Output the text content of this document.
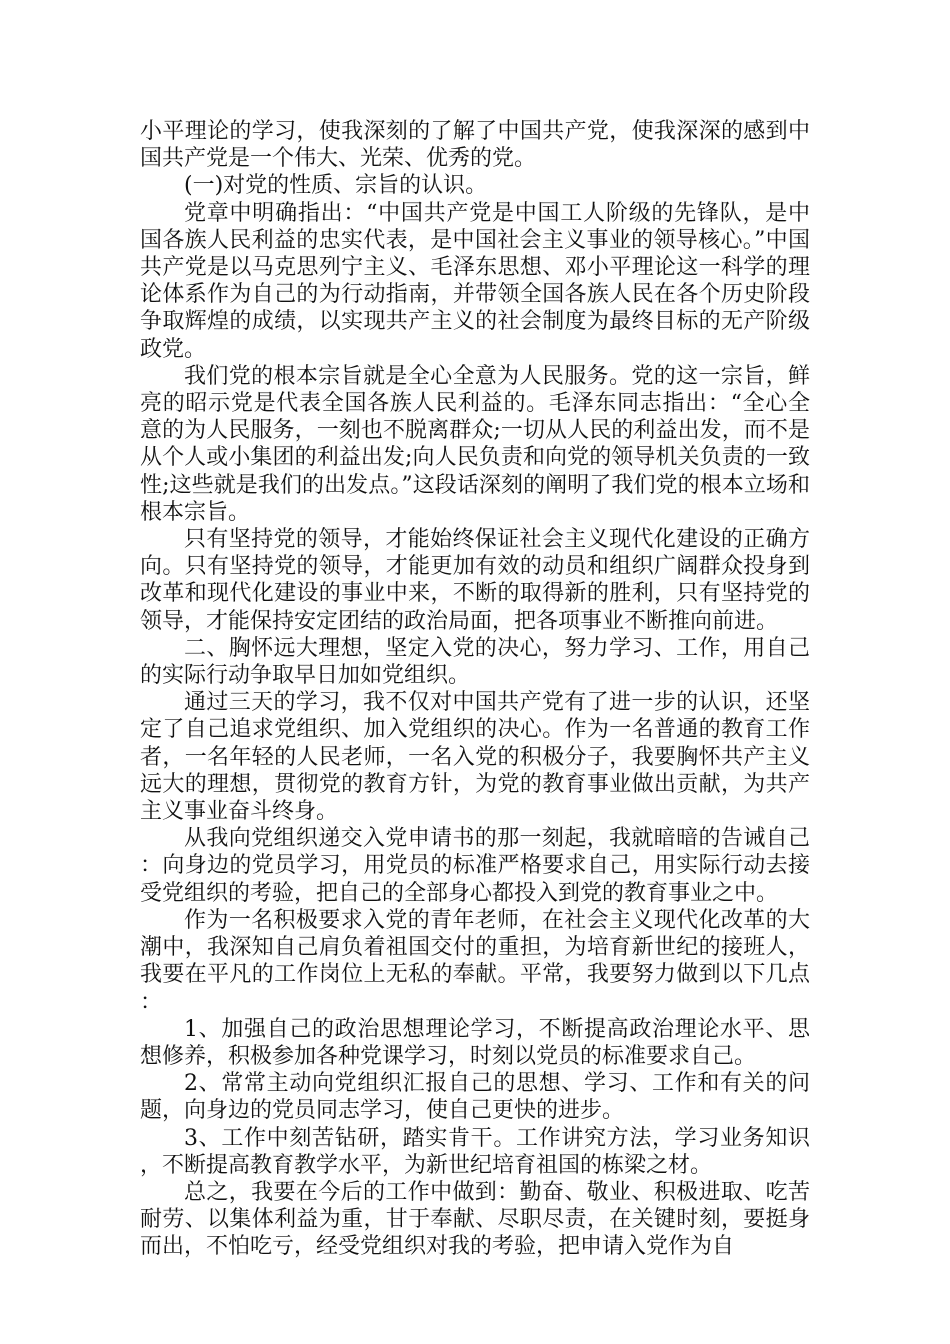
小平理论的学习，使我深刻的了解了中国共产党，使我深深的感到中国共产党是一个伟大、光荣、优秀的党。

(一)对党的性质、宗旨的认识。

党章中明确指出：“中国共产党是中国工人阶级的先锋队，是中国各族人民利益的忠实代表，是中国社会主义事业的领导核心。”中国共产党是以马克思列宁主义、毛泽东思想、邓小平理论这一科学的理论体系作为自己的为行动指南，并带领全国各族人民在各个历史阶段争取辉煌的成绩，以实现共产主义的社会制度为最终目标的无产阶级政党。

我们党的根本宗旨就是全心全意为人民服务。党的这一宗旨，鲜亮的昭示党是代表全国各族人民利益的。毛泽东同志指出：“全心全意的为人民服务，一刻也不脱离群众;一切从人民的利益出发，而不是从个人或小集团的利益出发;向人民负责和向党的领导机关负责的一致性;这些就是我们的出发点。”这段话深刻的阐明了我们党的根本立场和根本宗旨。

只有坚持党的领导，才能始终保证社会主义现代化建设的正确方向。只有坚持党的领导，才能更加有效的动员和组织广阔群众投身到改革和现代化建设的事业中来，不断的取得新的胜利，只有坚持党的领导，才能保持安定团结的政治局面，把各项事业不断推向前进。

二、胸怀远大理想，坚定入党的决心，努力学习、工作，用自己的实际行动争取早日加如党组织。

通过三天的学习，我不仅对中国共产党有了进一步的认识，还坚定了自己追求党组织、加入党组织的决心。作为一名普通的教育工作者，一名年轻的人民老师，一名入党的积极分子，我要胸怀共产主义远大的理想，贯彻党的教育方针，为党的教育事业做出贡献，为共产主义事业奋斗终身。

从我向党组织递交入党申请书的那一刻起，我就暗暗的告诫自己：向身边的党员学习，用党员的标准严格要求自己，用实际行动去接受党组织的考验，把自己的全部身心都投入到党的教育事业之中。

作为一名积极要求入党的青年老师，在社会主义现代化改革的大潮中，我深知自己肩负着祖国交付的重担，为培育新世纪的接班人，我要在平凡的工作岗位上无私的奉献。平常，我要努力做到以下几点：

1、加强自己的政治思想理论学习，不断提高政治理论水平、思想修养，积极参加各种党课学习，时刻以党员的标准要求自己。

2、常常主动向党组织汇报自己的思想、学习、工作和有关的问题，向身边的党员同志学习，使自己更快的进步。

3、工作中刻苦钻研，踏实肯干。工作讲究方法，学习业务知识，不断提高教育教学水平，为新世纪培育祖国的栋梁之材。

总之，我要在今后的工作中做到：勤奋、敬业、积极进取、吃苦耐劳、以集体利益为重，甘于奉献、尽职尽责，在关键时刻，要挺身而出，不怕吃亏，经受党组织对我的考验，把申请入党作为自
